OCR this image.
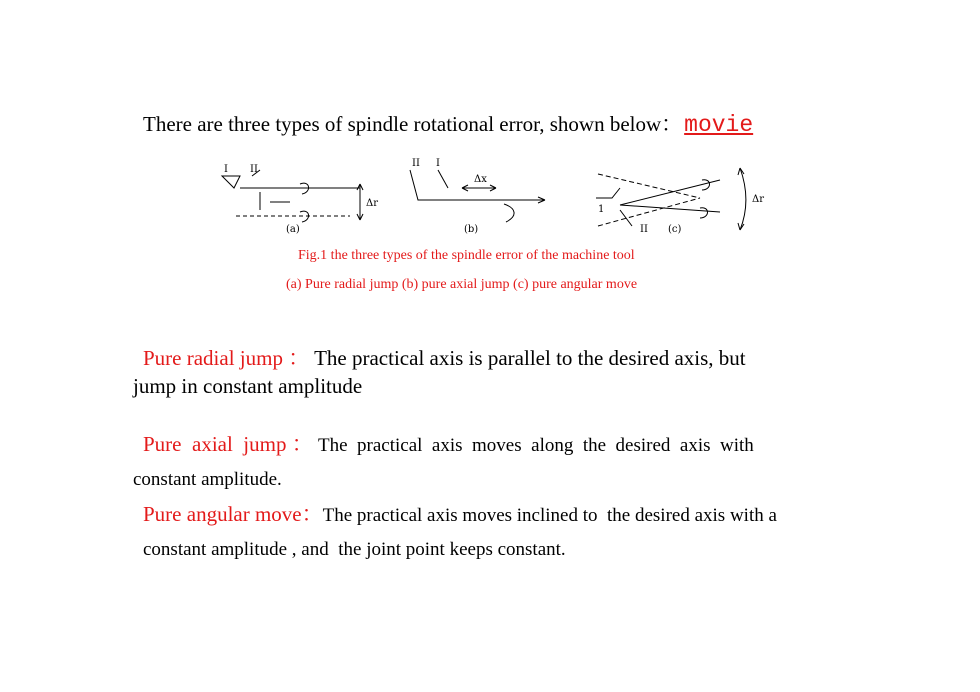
There are three types of spindle rotational error, shown below：movie
I ΙΙ
Δr
(a)
II I
Δx
(b)
1
II (c)
Δr
Fig.1 the three types of the spindle error of the machine tool
(a) Pure radial jump (b) pure axial jump (c) pure angular move
Pure radial jump ： The practical axis is parallel to the desired axis, but
jump in constant amplitude
Pure  axial  jump ： The  practical  axis  moves  along  the  desired  axis  with
constant amplitude.
Pure angular move：The practical axis moves inclined to  the desired axis with a
constant amplitude , and  the joint point keeps constant.
